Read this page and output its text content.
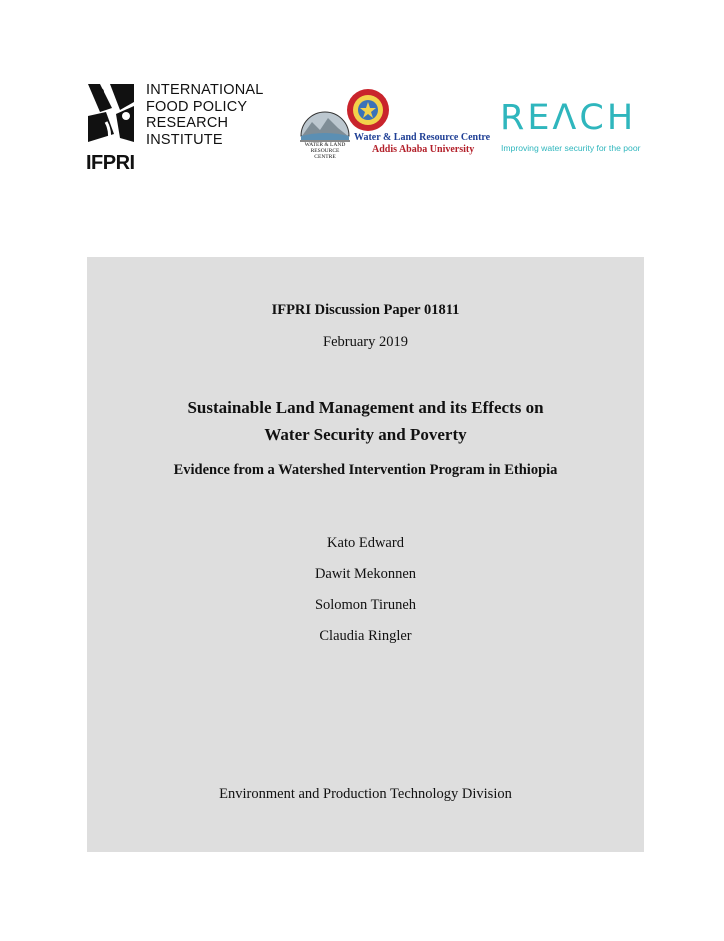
IFPRI
INTERNATIONAL
FOOD POLICY
RESEARCH
INSTITUTE	WATER & LAND
RESOURCE
CENTRE
Water & Land Resource Centre
Addis Ababa University
REΛCH
Improving water security for the poor
IFPRI Discussion Paper 01811
February 2019
Sustainable Land Management and its Effects on
Water Security and Poverty
Evidence from a Watershed Intervention Program in Ethiopia
Kato Edward
Dawit Mekonnen
Solomon Tiruneh
Claudia Ringler
Environment and Production Technology Division
